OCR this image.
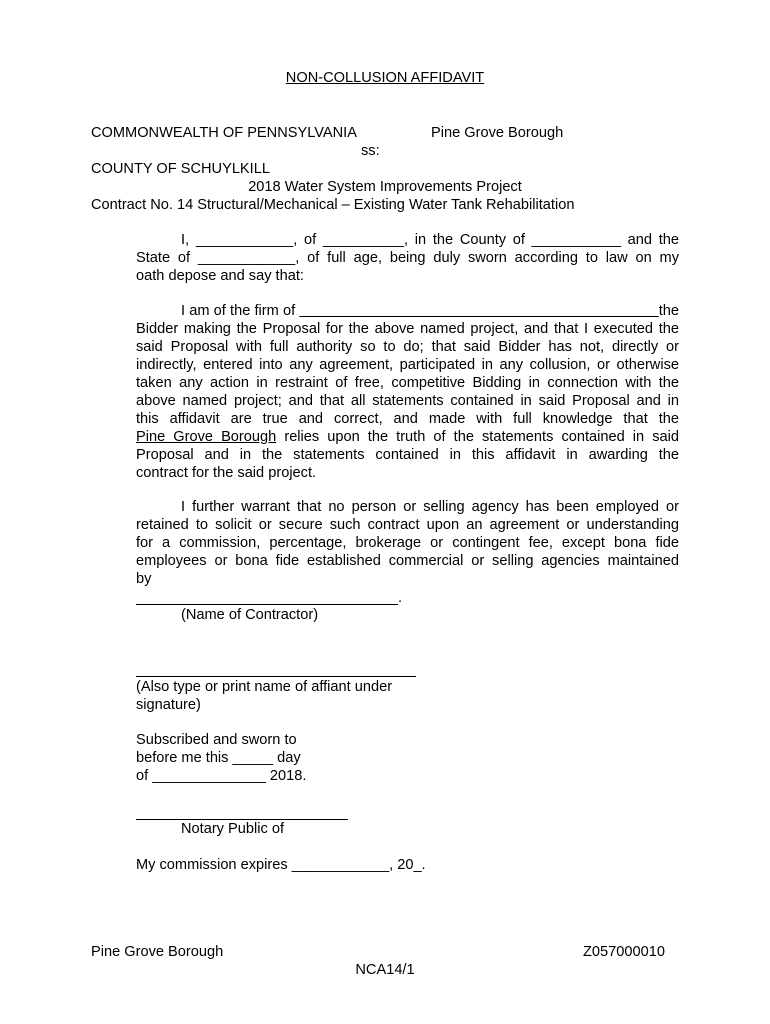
NON-COLLUSION AFFIDAVIT
COMMONWEALTH OF PENNSYLVANIA	Pine Grove Borough
ss:
COUNTY OF SCHUYLKILL
2018 Water System Improvements Project
Contract No. 14 Structural/Mechanical – Existing Water Tank Rehabilitation
I, ____________, of __________, in the County of ___________ and the
State of ____________, of full age, being duly sworn according to law on my
oath depose and say that:
I am of the firm of	the
Bidder making the Proposal for the above named project, and that I executed the
said Proposal with full authority so to do; that said Bidder has not, directly or
indirectly, entered into any agreement, participated in any collusion, or otherwise
taken any action in restraint of free, competitive Bidding in connection with the
above named project; and that all statements contained in said Proposal and in
this affidavit are true and correct, and made with full knowledge that the
Pine Grove Borough relies upon the truth of the statements contained in said
Proposal and in the statements contained in this affidavit in awarding the
contract for the said project.
I further warrant that no person or selling agency has been employed or
retained to solicit or secure such contract upon an agreement or understanding
for a commission, percentage, brokerage or contingent fee, except bona fide
employees or bona fide established commercial or selling agencies maintained
by
.
(Name of Contractor)
(Also type or print name of affiant under
signature)
Subscribed and sworn to
before me this _____ day
of ______________ 2018.
Notary Public of
My commission expires ____________, 20_.
Pine Grove Borough	Z057000010
NCA14/1
